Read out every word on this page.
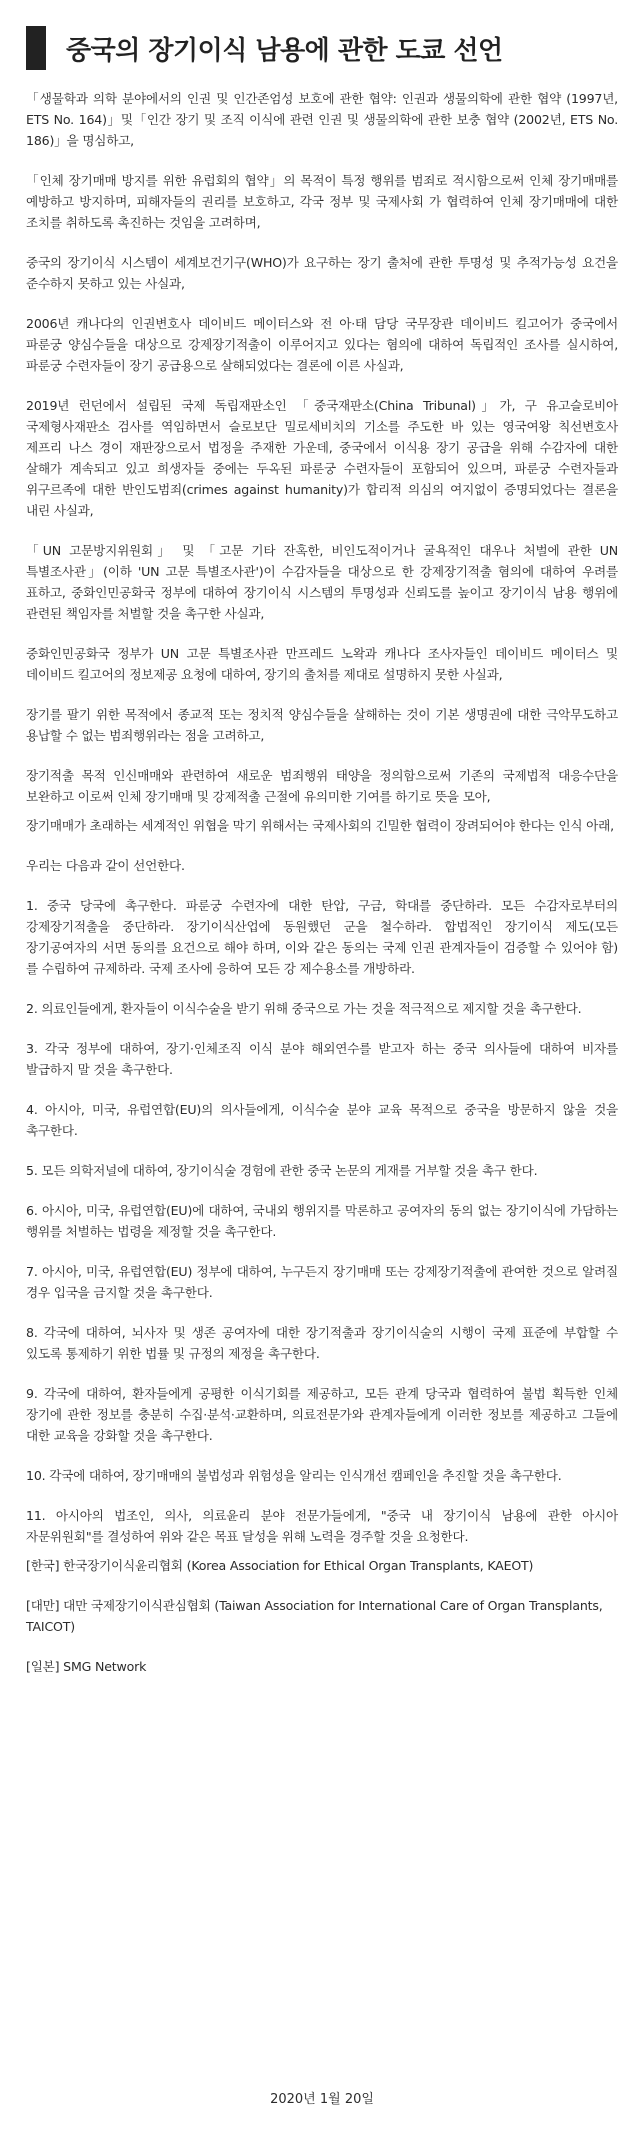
중국의 장기이식 남용에 관한 도쿄 선언

「생물학과 의학 분야에서의 인권 및 인간존엄성 보호에 관한 협약: 인권과 생물의학에 관한 협약 (1997년, ETS No. 164)」및「인간 장기 및 조직 이식에 관련 인권 및 생물의학에 관한 보충 협약 (2002년, ETS No. 186)」을 명심하고,

「인체 장기매매 방지를 위한 유럽회의 협약」의 목적이 특정 행위를 범죄로 적시함으로써 인체 장기매매를 예방하고 방지하며, 피해자들의 권리를 보호하고, 각국 정부 및 국제사회 가 협력하여 인체 장기매매에 대한 조치를 취하도록 촉진하는 것임을 고려하며,

중국의 장기이식 시스템이 세계보건기구(WHO)가 요구하는 장기 출처에 관한 투명성 및 추적가능성 요건을 준수하지 못하고 있는 사실과,

2006년 캐나다의 인권변호사 데이비드 메이터스와 전 아·태 담당 국무장관 데이비드 킬고어가 중국에서 파룬궁 양심수들을 대상으로 강제장기적출이 이루어지고 있다는 혐의에 대하여 독립적인 조사를 실시하여, 파룬궁 수련자들이 장기 공급용으로 살해되었다는 결론에 이른 사실과,

2019년 런던에서 설립된 국제 독립재판소인 「중국재판소(China Tribunal)」가, 구 유고슬로비아 국제형사재판소 검사를 역임하면서 슬로보단 밀로세비치의 기소를 주도한 바 있는 영국여왕 칙선변호사 제프리 나스 경이 재판장으로서 법정을 주재한 가운데, 중국에서 이식용 장기 공급을 위해 수감자에 대한 살해가 계속되고 있고 희생자들 중에는 두옥된 파룬궁 수련자들이 포함되어 있으며, 파룬궁 수련자들과 위구르족에 대한 반인도범죄(crimes against humanity)가 합리적 의심의 여지없이 증명되었다는 결론을 내린 사실과,

「UN 고문방지위원회」 및 「고문 기타 잔혹한, 비인도적이거나 굴욕적인 대우나 처벌에 관한 UN 특별조사관」(이하 'UN 고문 특별조사관')이 수감자들을 대상으로 한 강제장기적출 혐의에 대하여 우려를 표하고, 중화인민공화국 정부에 대하여 장기이식 시스템의 투명성과 신뢰도를 높이고 장기이식 남용 행위에 관련된 책임자를 처벌할 것을 촉구한 사실과,

중화인민공화국 정부가 UN 고문 특별조사관 만프레드 노왁과 캐나다 조사자들인 데이비드 메이터스 및 데이비드 킬고어의 정보제공 요청에 대하여, 장기의 출처를 제대로 설명하지 못한 사실과,

장기를 팔기 위한 목적에서 종교적 또는 정치적 양심수들을 살해하는 것이 기본 생명권에 대한 극악무도하고 용납할 수 없는 범죄행위라는 점을 고려하고,

장기적출 목적 인신매매와 관련하여 새로운 범죄행위 태양을 정의함으로써 기존의 국제법적 대응수단을 보완하고 이로써 인체 장기매매 및 강제적출 근절에 유의미한 기여를 하기로 뜻을 모아,

장기매매가 초래하는 세계적인 위협을 막기 위해서는 국제사회의 긴밀한 협력이 장려되어야 한다는 인식 아래,

우리는 다음과 같이 선언한다.

1. 중국 당국에 촉구한다. 파룬궁 수련자에 대한 탄압, 구금, 학대를 중단하라. 모든 수감자로부터의 강제장기적출을 중단하라. 장기이식산업에 동원했던 군을 철수하라. 합법적인 장기이식 제도(모든 장기공여자의 서면 동의를 요건으로 해야 하며, 이와 같은 동의는 국제 인권 관계자들이 검증할 수 있어야 함)를 수립하여 규제하라. 국제 조사에 응하여 모든 강 제수용소를 개방하라.

2. 의료인들에게, 환자들이 이식수술을 받기 위해 중국으로 가는 것을 적극적으로 제지할 것을 촉구한다.

3. 각국 정부에 대하여, 장기·인체조직 이식 분야 해외연수를 받고자 하는 중국 의사들에 대하여 비자를 발급하지 말 것을 촉구한다.

4. 아시아, 미국, 유럽연합(EU)의 의사들에게, 이식수술 분야 교육 목적으로 중국을 방문하지 않을 것을 촉구한다.

5. 모든 의학저널에 대하여, 장기이식술 경험에 관한 중국 논문의 게재를 거부할 것을 촉구 한다.

6. 아시아, 미국, 유럽연합(EU)에 대하여, 국내외 행위지를 막론하고 공여자의 동의 없는 장기이식에 가담하는 행위를 처벌하는 법령을 제정할 것을 촉구한다.

7. 아시아, 미국, 유럽연합(EU) 정부에 대하여, 누구든지 장기매매 또는 강제장기적출에 관여한 것으로 알려질 경우 입국을 금지할 것을 촉구한다.

8. 각국에 대하여, 뇌사자 및 생존 공여자에 대한 장기적출과 장기이식술의 시행이 국제 표준에 부합할 수 있도록 통제하기 위한 법률 및 규정의 제정을 촉구한다.

9. 각국에 대하여, 환자들에게 공평한 이식기회를 제공하고, 모든 관계 당국과 협력하여 불법 획득한 인체 장기에 관한 정보를 충분히 수집·분석·교환하며, 의료전문가와 관계자들에게 이러한 정보를 제공하고 그들에 대한 교육을 강화할 것을 촉구한다.

10. 각국에 대하여, 장기매매의 불법성과 위험성을 알리는 인식개선 캠페인을 추진할 것을 촉구한다.

11. 아시아의 법조인, 의사, 의료윤리 분야 전문가들에게, "중국 내 장기이식 남용에 관한 아시아 자문위원회"를 결성하여 위와 같은 목표 달성을 위해 노력을 경주할 것을 요청한다.

[한국] 한국장기이식윤리협회 (Korea Association for Ethical Organ Transplants, KAEOT)

[대만] 대만 국제장기이식관심협회 (Taiwan Association for International Care of Organ Transplants, TAICOT)

[일본] SMG Network

2020년 1월 20일
